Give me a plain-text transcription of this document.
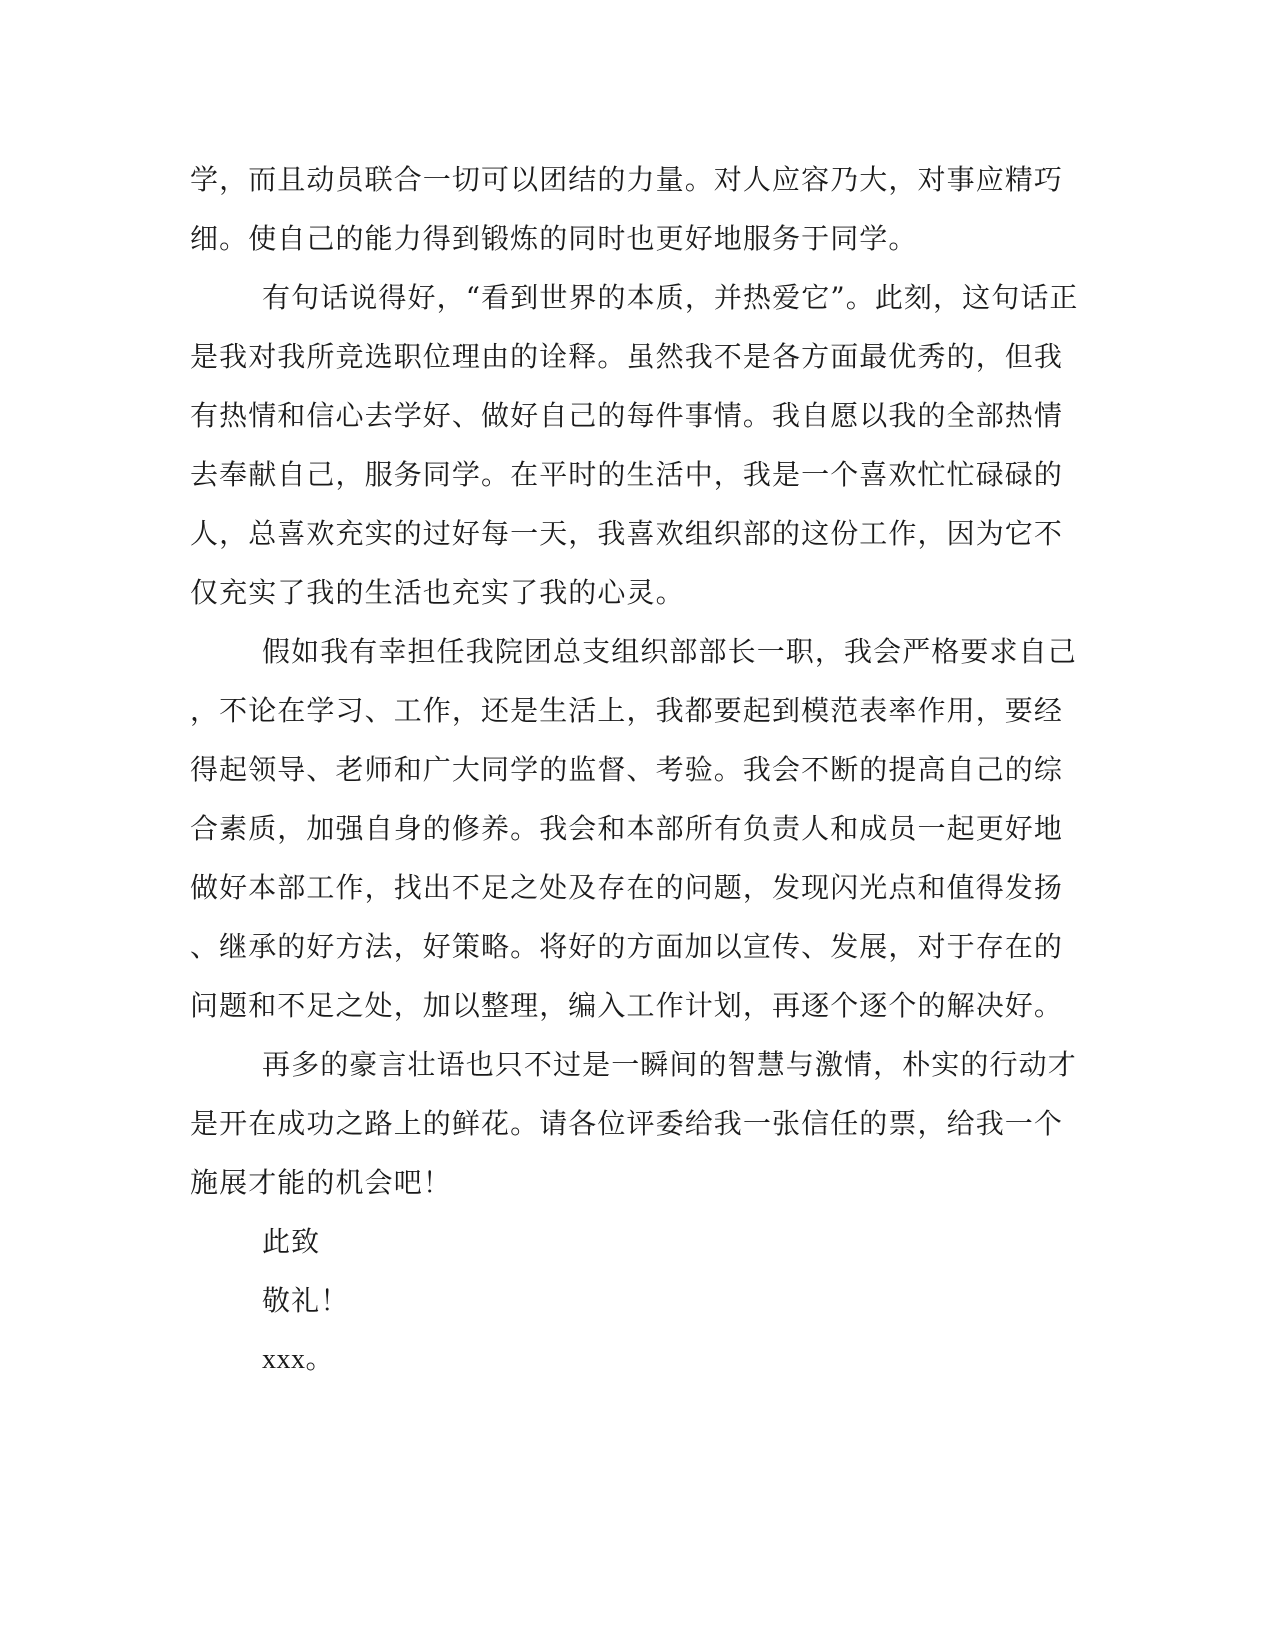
学，而且动员联合一切可以团结的力量。对人应容乃大，对事应精巧

细。使自己的能力得到锻炼的同时也更好地服务于同学。

有句话说得好，“看到世界的本质，并热爱它”。此刻，这句话正

是我对我所竞选职位理由的诠释。虽然我不是各方面最优秀的，但我

有热情和信心去学好、做好自己的每件事情。我自愿以我的全部热情

去奉献自己，服务同学。在平时的生活中，我是一个喜欢忙忙碌碌的

人，总喜欢充实的过好每一天，我喜欢组织部的这份工作，因为它不

仅充实了我的生活也充实了我的心灵。

假如我有幸担任我院团总支组织部部长一职，我会严格要求自己

，不论在学习、工作，还是生活上，我都要起到模范表率作用，要经

得起领导、老师和广大同学的监督、考验。我会不断的提高自己的综

合素质，加强自身的修养。我会和本部所有负责人和成员一起更好地

做好本部工作，找出不足之处及存在的问题，发现闪光点和值得发扬

、继承的好方法，好策略。将好的方面加以宣传、发展，对于存在的

问题和不足之处，加以整理，编入工作计划，再逐个逐个的解决好。

再多的豪言壮语也只不过是一瞬间的智慧与激情，朴实的行动才

是开在成功之路上的鲜花。请各位评委给我一张信任的票，给我一个

施展才能的机会吧！

此致

敬礼！

xxx。
